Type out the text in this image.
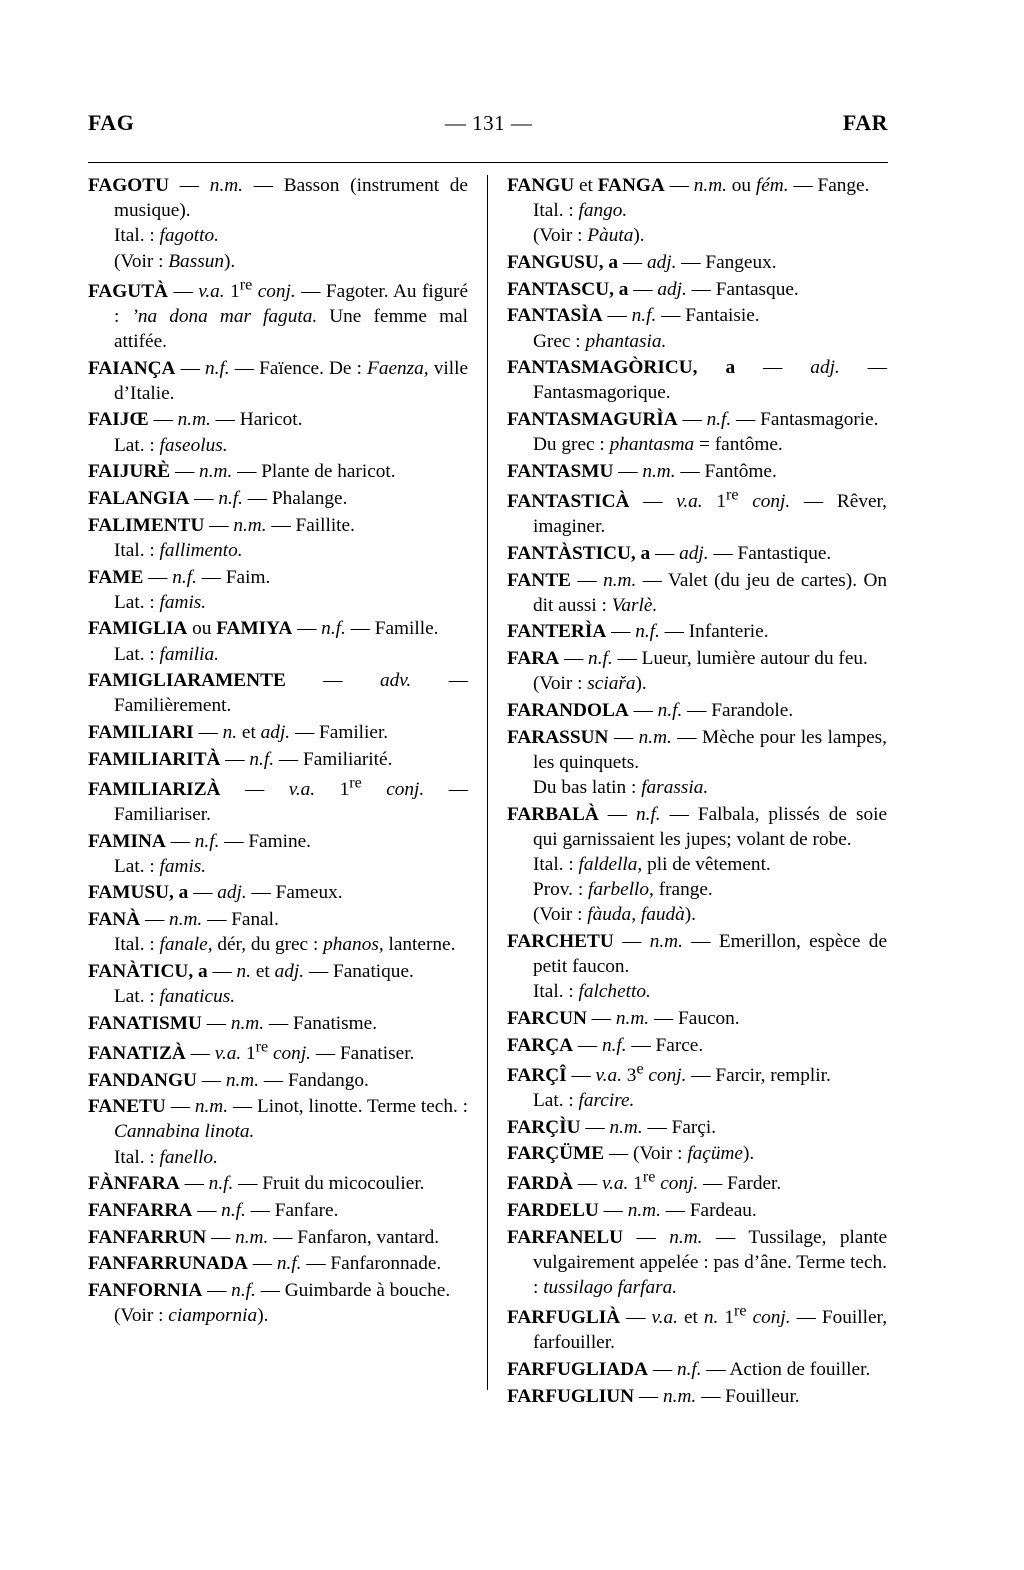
FAG	— 131 —	FAR
FAGOTU — n.m. — Basson (instrument de musique).
Ital. : fagotto.
(Voir : Bassun).
FAGUTÀ — v.a. 1re conj. — Fagoter. Au figuré : ’na dona mar faguta. Une femme mal attifée.
FAIANÇA — n.f. — Faïence. De : Faenza, ville d’Italie.
FAIJŒ — n.m. — Haricot.
Lat. : faseolus.
FAIJURÈ — n.m. — Plante de haricot.
FALANGIA — n.f. — Phalange.
FALIMENTU — n.m. — Faillite.
Ital. : fallimento.
FAME — n.f. — Faim.
Lat. : famis.
FAMIGLIA ou FAMIYA — n.f. — Famille.
Lat. : familia.
FAMIGLIARAMENTE — adv. — Familièrement.
FAMILIARI — n. et adj. — Familier.
FAMILIARITÀ — n.f. — Familiarité.
FAMILIARIZÀ — v.a. 1re conj. — Familiariser.
FAMINA — n.f. — Famine.
Lat. : famis.
FAMUSU, a — adj. — Fameux.
FANÀ — n.m. — Fanal.
Ital. : fanale, dér, du grec : phanos, lanterne.
FANÀTICU, a — n. et adj. — Fanatique.
Lat. : fanaticus.
FANATISMU — n.m. — Fanatisme.
FANATIZÀ — v.a. 1re conj. — Fanatiser.
FANDANGU — n.m. — Fandango.
FANETU — n.m. — Linot, linotte. Terme tech. : Cannabina linota.
Ital. : fanello.
FÀNFARA — n.f. — Fruit du micocoulier.
FANFARRA — n.f. — Fanfare.
FANFARRUN — n.m. — Fanfaron, vantard.
FANFARRUNADA — n.f. — Fanfaronnade.
FANFORNIA — n.f. — Guimbarde à bouche.
(Voir : ciampornia).
FANGU et FANGA — n.m. ou fém. — Fange.
Ital. : fango.
(Voir : Pàuta).
FANGUSU, a — adj. — Fangeux.
FANTASCU, a — adj. — Fantasque.
FANTASÌA — n.f. — Fantaisie.
Grec : phantasia.
FANTASMAGÒRICU, a — adj. — Fantasmagorique.
FANTASMAGURÌA — n.f. — Fantasmagorie.
Du grec : phantasma = fantôme.
FANTASMU — n.m. — Fantôme.
FANTASTICÀ — v.a. 1re conj. — Rêver, imaginer.
FANTÀSTICU, a — adj. — Fantastique.
FANTE — n.m. — Valet (du jeu de cartes). On dit aussi : Varlè.
FANTERÌA — n.f. — Infanterie.
FARA — n.f. — Lueur, lumière autour du feu.
(Voir : sciařa).
FARANDOLA — n.f. — Farandole.
FARASSUN — n.m. — Mèche pour les lampes, les quinquets.
Du bas latin : farassia.
FARBALÀ — n.f. — Falbala, plissés de soie qui garnissaient les jupes; volant de robe.
Ital. : faldella, pli de vêtement.
Prov. : farbello, frange.
(Voir : fàuda, faudà).
FARCHETU — n.m. — Emerillon, espèce de petit faucon.
Ital. : falchetto.
FARCUN — n.m. — Faucon.
FARÇA — n.f. — Farce.
FARÇÎ — v.a. 3e conj. — Farcir, remplir.
Lat. : farcire.
FARÇÌU — n.m. — Farçi.
FARÇÜME — (Voir : façüme).
FARDÀ — v.a. 1re conj. — Farder.
FARDELU — n.m. — Fardeau.
FARFANELU — n.m. — Tussilage, plante vulgairement appelée : pas d’âne. Terme tech. : tussilago farfara.
FARFUGLIÀ — v.a. et n. 1re conj. — Fouiller, farfouiller.
FARFUGLIADA — n.f. — Action de fouiller.
FARFUGLIUN — n.m. — Fouilleur.
